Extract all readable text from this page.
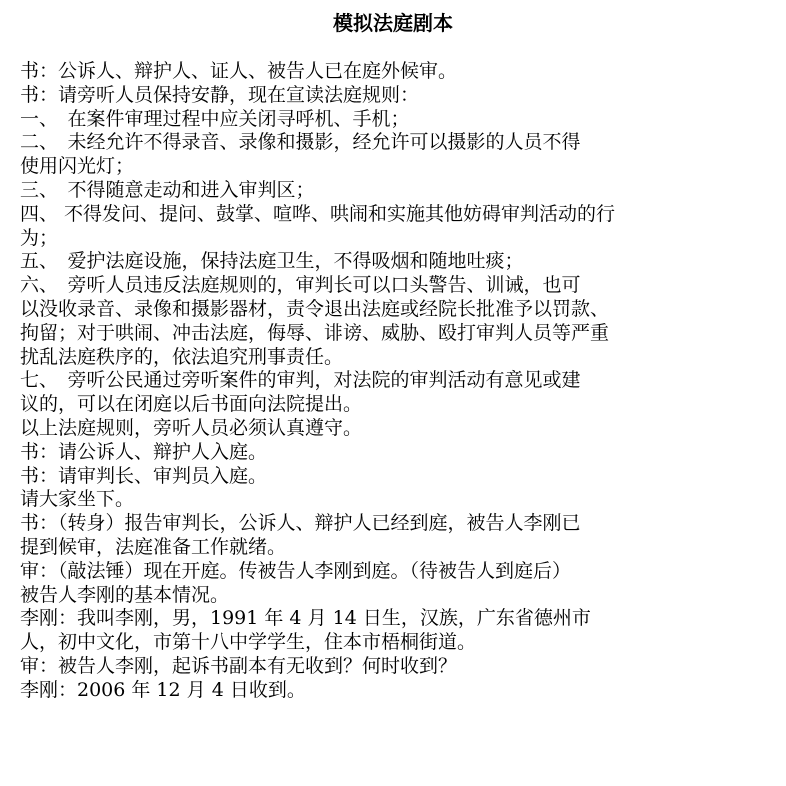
模拟法庭剧本

书：公诉人、辩护人、证人、被告人已在庭外候审。

书：请旁听人员保持安静，现在宣读法庭规则：

一、　在案件审理过程中应关闭寻呼机、手机；

二、　未经允许不得录音、录像和摄影，经允许可以摄影的人员不得

使用闪光灯；

三、　不得随意走动和进入审判区；

四、 不得发问、提问、鼓掌、喧哗、哄闹和实施其他妨碍审判活动的行

为；

五、　爱护法庭设施，保持法庭卫生，不得吸烟和随地吐痰；

六、　旁听人员违反法庭规则的，审判长可以口头警告、训诫，也可

以没收录音、录像和摄影器材，责令退出法庭或经院长批准予以罚款、

拘留；对于哄闹、冲击法庭，侮辱、诽谤、威胁、殴打审判人员等严重

扰乱法庭秩序的，依法追究刑事责任。

七、　旁听公民通过旁听案件的审判，对法院的审判活动有意见或建

议的，可以在闭庭以后书面向法院提出。

以上法庭规则，旁听人员必须认真遵守。

书：请公诉人、辩护人入庭。

书：请审判长、审判员入庭。

请大家坐下。

书：（转身）报告审判长，公诉人、辩护人已经到庭，被告人李刚已

提到候审，法庭准备工作就绪。

审：（敲法锤）现在开庭。传被告人李刚到庭。（待被告人到庭后）

被告人李刚的基本情况。

李刚：我叫李刚，男，1991 年 4 月 14 日生，汉族，广东省德州市

人，初中文化，市第十八中学学生，住本市梧桐街道。

审：被告人李刚，起诉书副本有无收到？何时收到？

李刚：2006 年 12 月 4 日收到。
